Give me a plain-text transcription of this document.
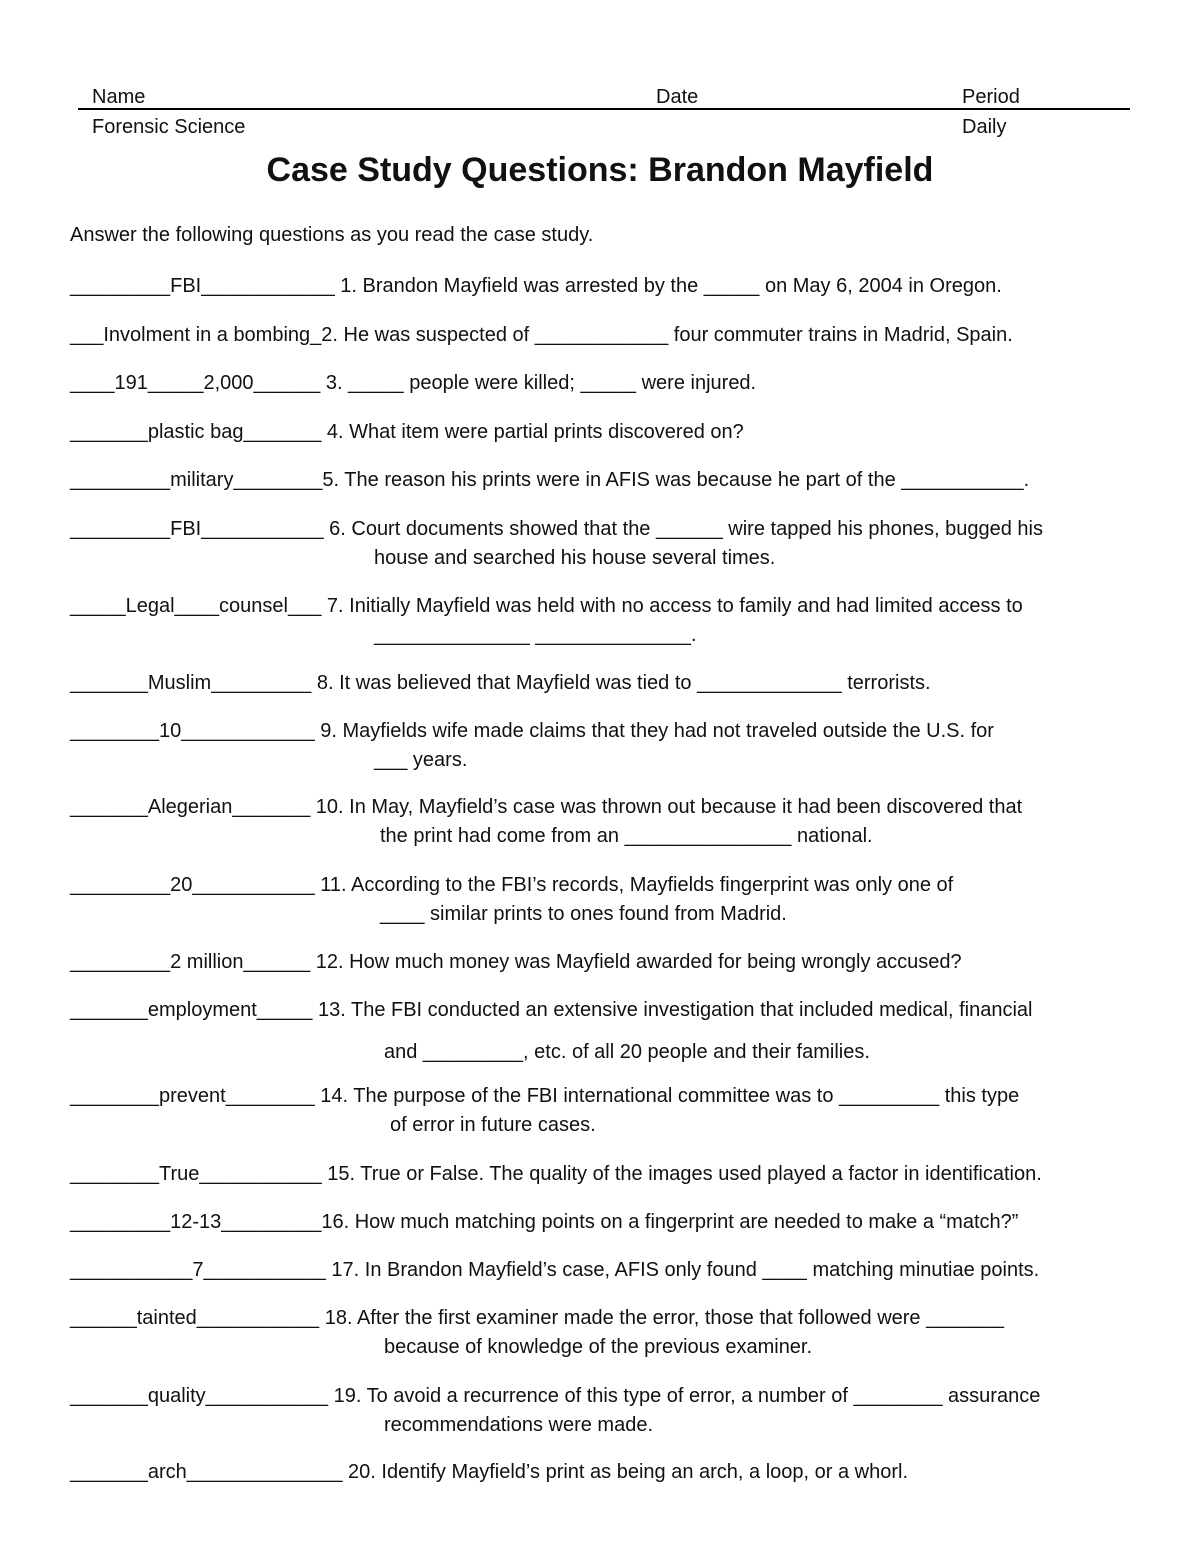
Name	Date	Period
Forensic Science	Daily
Case Study Questions: Brandon Mayfield
Answer the following questions as you read the case study.
_________FBI____________ 1. Brandon Mayfield was arrested by the _____ on May 6, 2004 in Oregon.
___Involment in a bombing_2. He was suspected of ____________ four commuter trains in Madrid, Spain.
____191_____2,000______ 3. _____ people were killed; _____ were injured.
_______plastic bag_______ 4. What item were partial prints discovered on?
_________military________5. The reason his prints were in AFIS was because he part of the ___________.
_________FBI___________ 6. Court documents showed that the ______ wire tapped his phones, bugged his
house and searched his house several times.
_____Legal____counsel___ 7. Initially Mayfield was held with no access to family and had limited access to
______________ ______________.
_______Muslim_________ 8. It was believed that Mayfield was tied to _____________ terrorists.
________10____________ 9. Mayfields wife made claims that they had not traveled outside the U.S. for
___ years.
_______Alegerian_______ 10. In May, Mayfield’s case was thrown out because it had been discovered that
the print had come from an _______________ national.
_________20___________ 11. According to the FBI’s records, Mayfields fingerprint was only one of
____ similar prints to ones found from Madrid.
_________2 million______ 12. How much money was Mayfield awarded for being wrongly accused?
_______employment_____ 13. The FBI conducted an extensive investigation that included medical, financial
and _________, etc. of all 20 people and their families.
________prevent________ 14. The purpose of the FBI international committee was to _________ this type
of error in future cases.
________True___________ 15. True or False. The quality of the images used played a factor in identification.
_________12-13_________16. How much matching points on a fingerprint are needed to make a “match?”
___________7___________ 17. In Brandon Mayfield’s case, AFIS only found ____ matching minutiae points.
______tainted___________ 18. After the first examiner made the error, those that followed were _______
because of knowledge of the previous examiner.
_______quality___________ 19. To avoid a recurrence of this type of error, a number of ________ assurance
recommendations were made.
_______arch______________ 20. Identify Mayfield’s print as being an arch, a loop, or a whorl.
